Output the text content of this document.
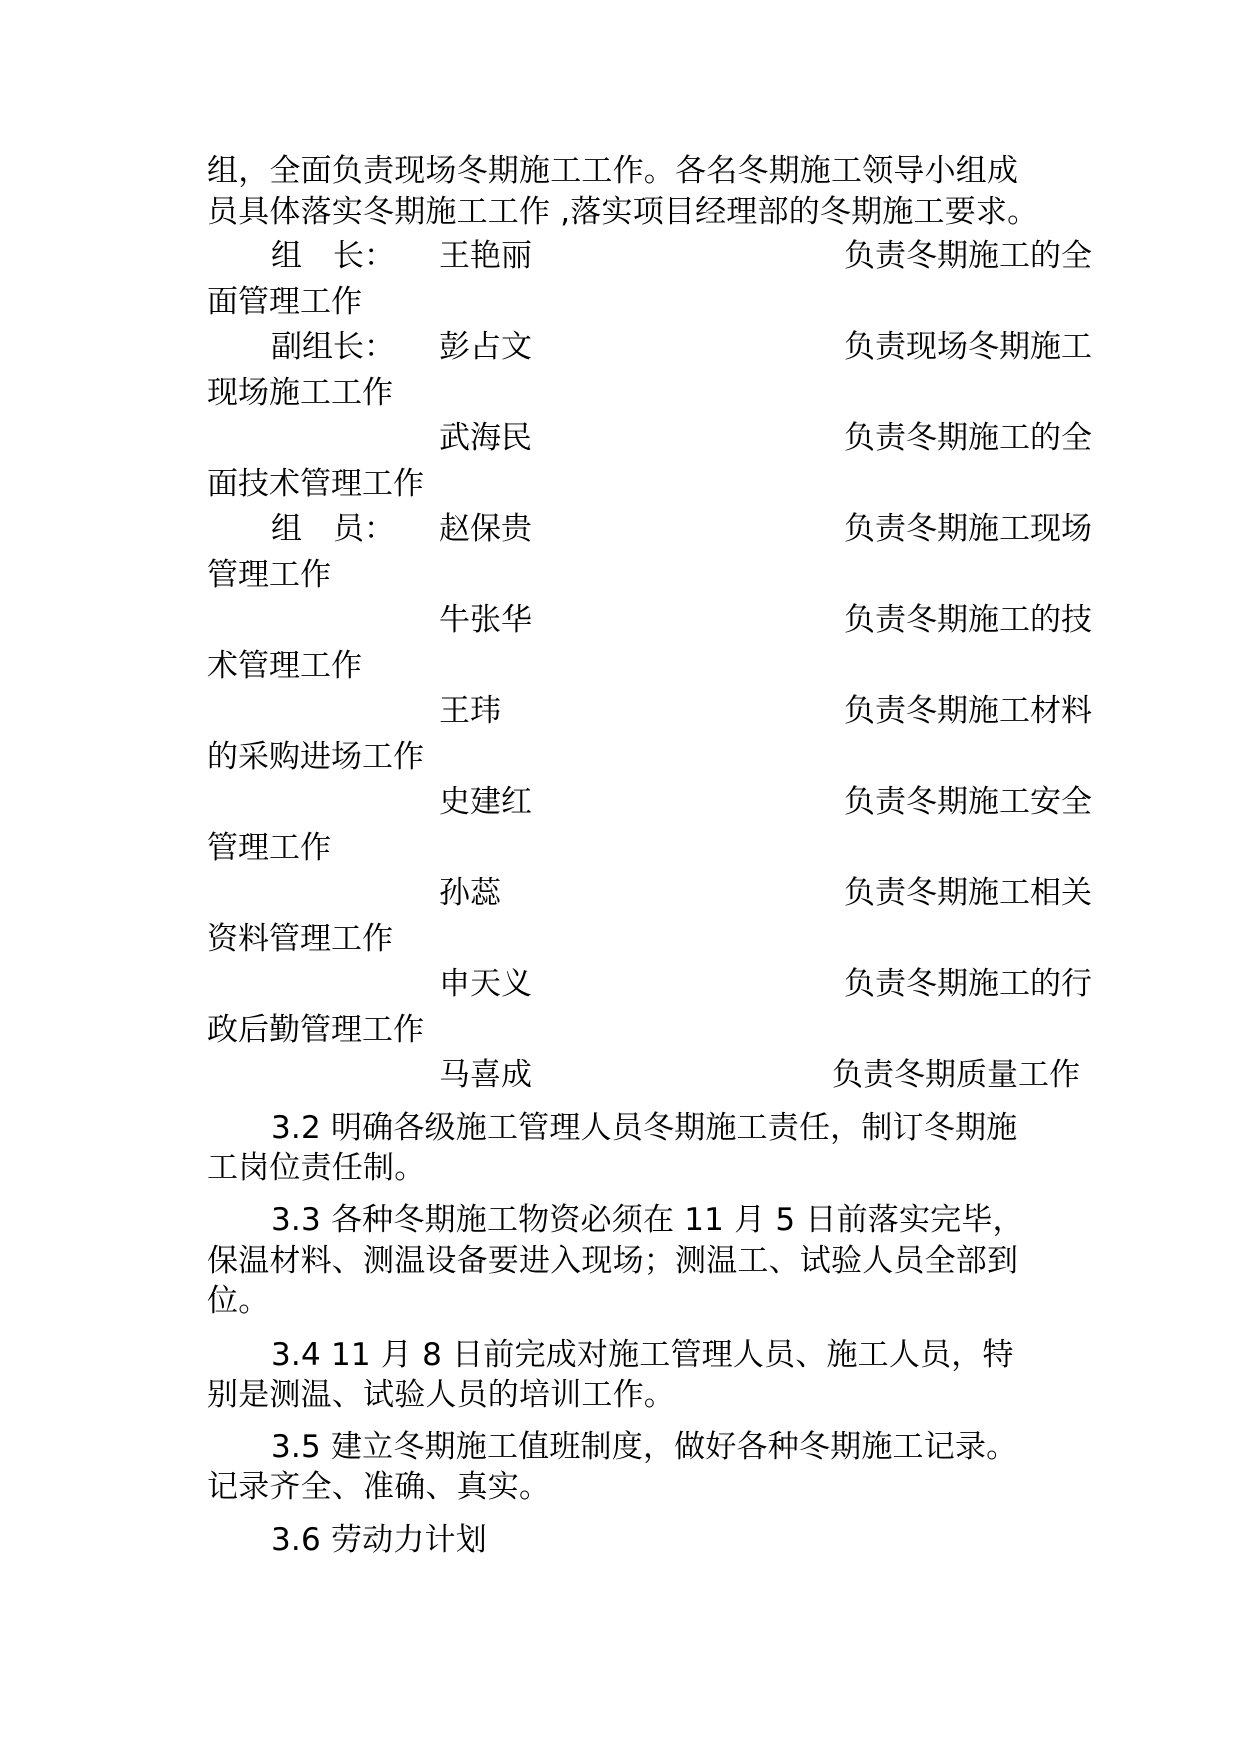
组，全面负责现场冬期施工工作。各名冬期施工领导小组成
员具体落实冬期施工工作 ,落实项目经理部的冬期施工要求。
组　长： 王艳丽	负责冬期施工的全
面管理工作
副组长： 彭占文	负责现场冬期施工
现场施工工作
武海民	负责冬期施工的全
面技术管理工作
组　员： 赵保贵	负责冬期施工现场
管理工作
牛张华	负责冬期施工的技
术管理工作
王玮	负责冬期施工材料
的采购进场工作
史建红	负责冬期施工安全
管理工作
孙蕊	负责冬期施工相关
资料管理工作
申天义	负责冬期施工的行
政后勤管理工作
马喜成	负责冬期质量工作
3.2 明确各级施工管理人员冬期施工责任，制订冬期施
工岗位责任制。
3.3 各种冬期施工物资必须在 11 月 5 日前落实完毕，
保温材料、测温设备要进入现场；测温工、试验人员全部到
位。
3.4 11 月 8 日前完成对施工管理人员、施工人员，特
别是测温、试验人员的培训工作。
3.5 建立冬期施工值班制度，做好各种冬期施工记录。
记录齐全、准确、真实。
3.6 劳动力计划
